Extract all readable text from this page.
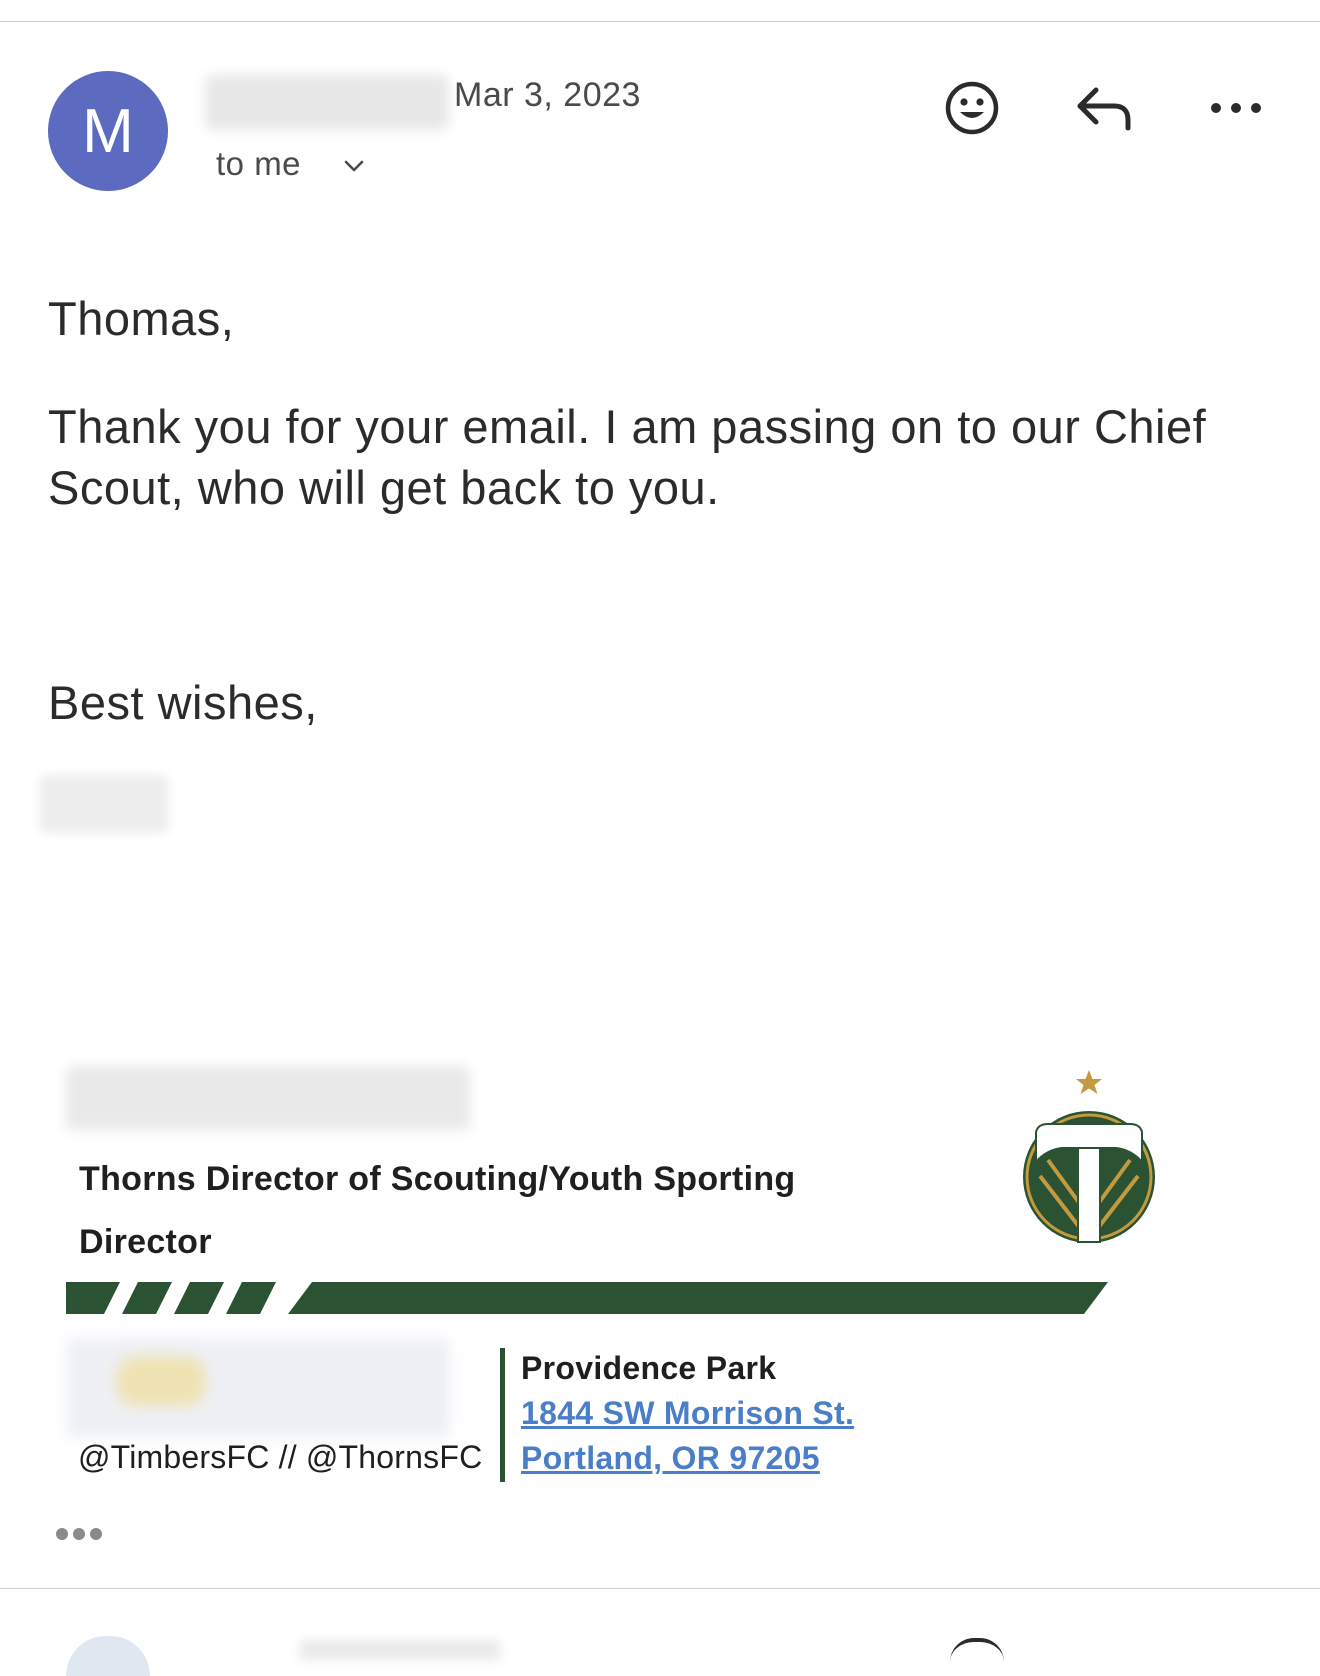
M
Mar 3, 2023
to me
Thomas,
Thank you for your email. I am passing on to our Chief Scout, who will get back to you.
Best wishes,
Thorns Director of Scouting/Youth Sporting Director
@TimbersFC // @ThornsFC
Providence Park
1844 SW Morrison St.
Portland, OR 97205
